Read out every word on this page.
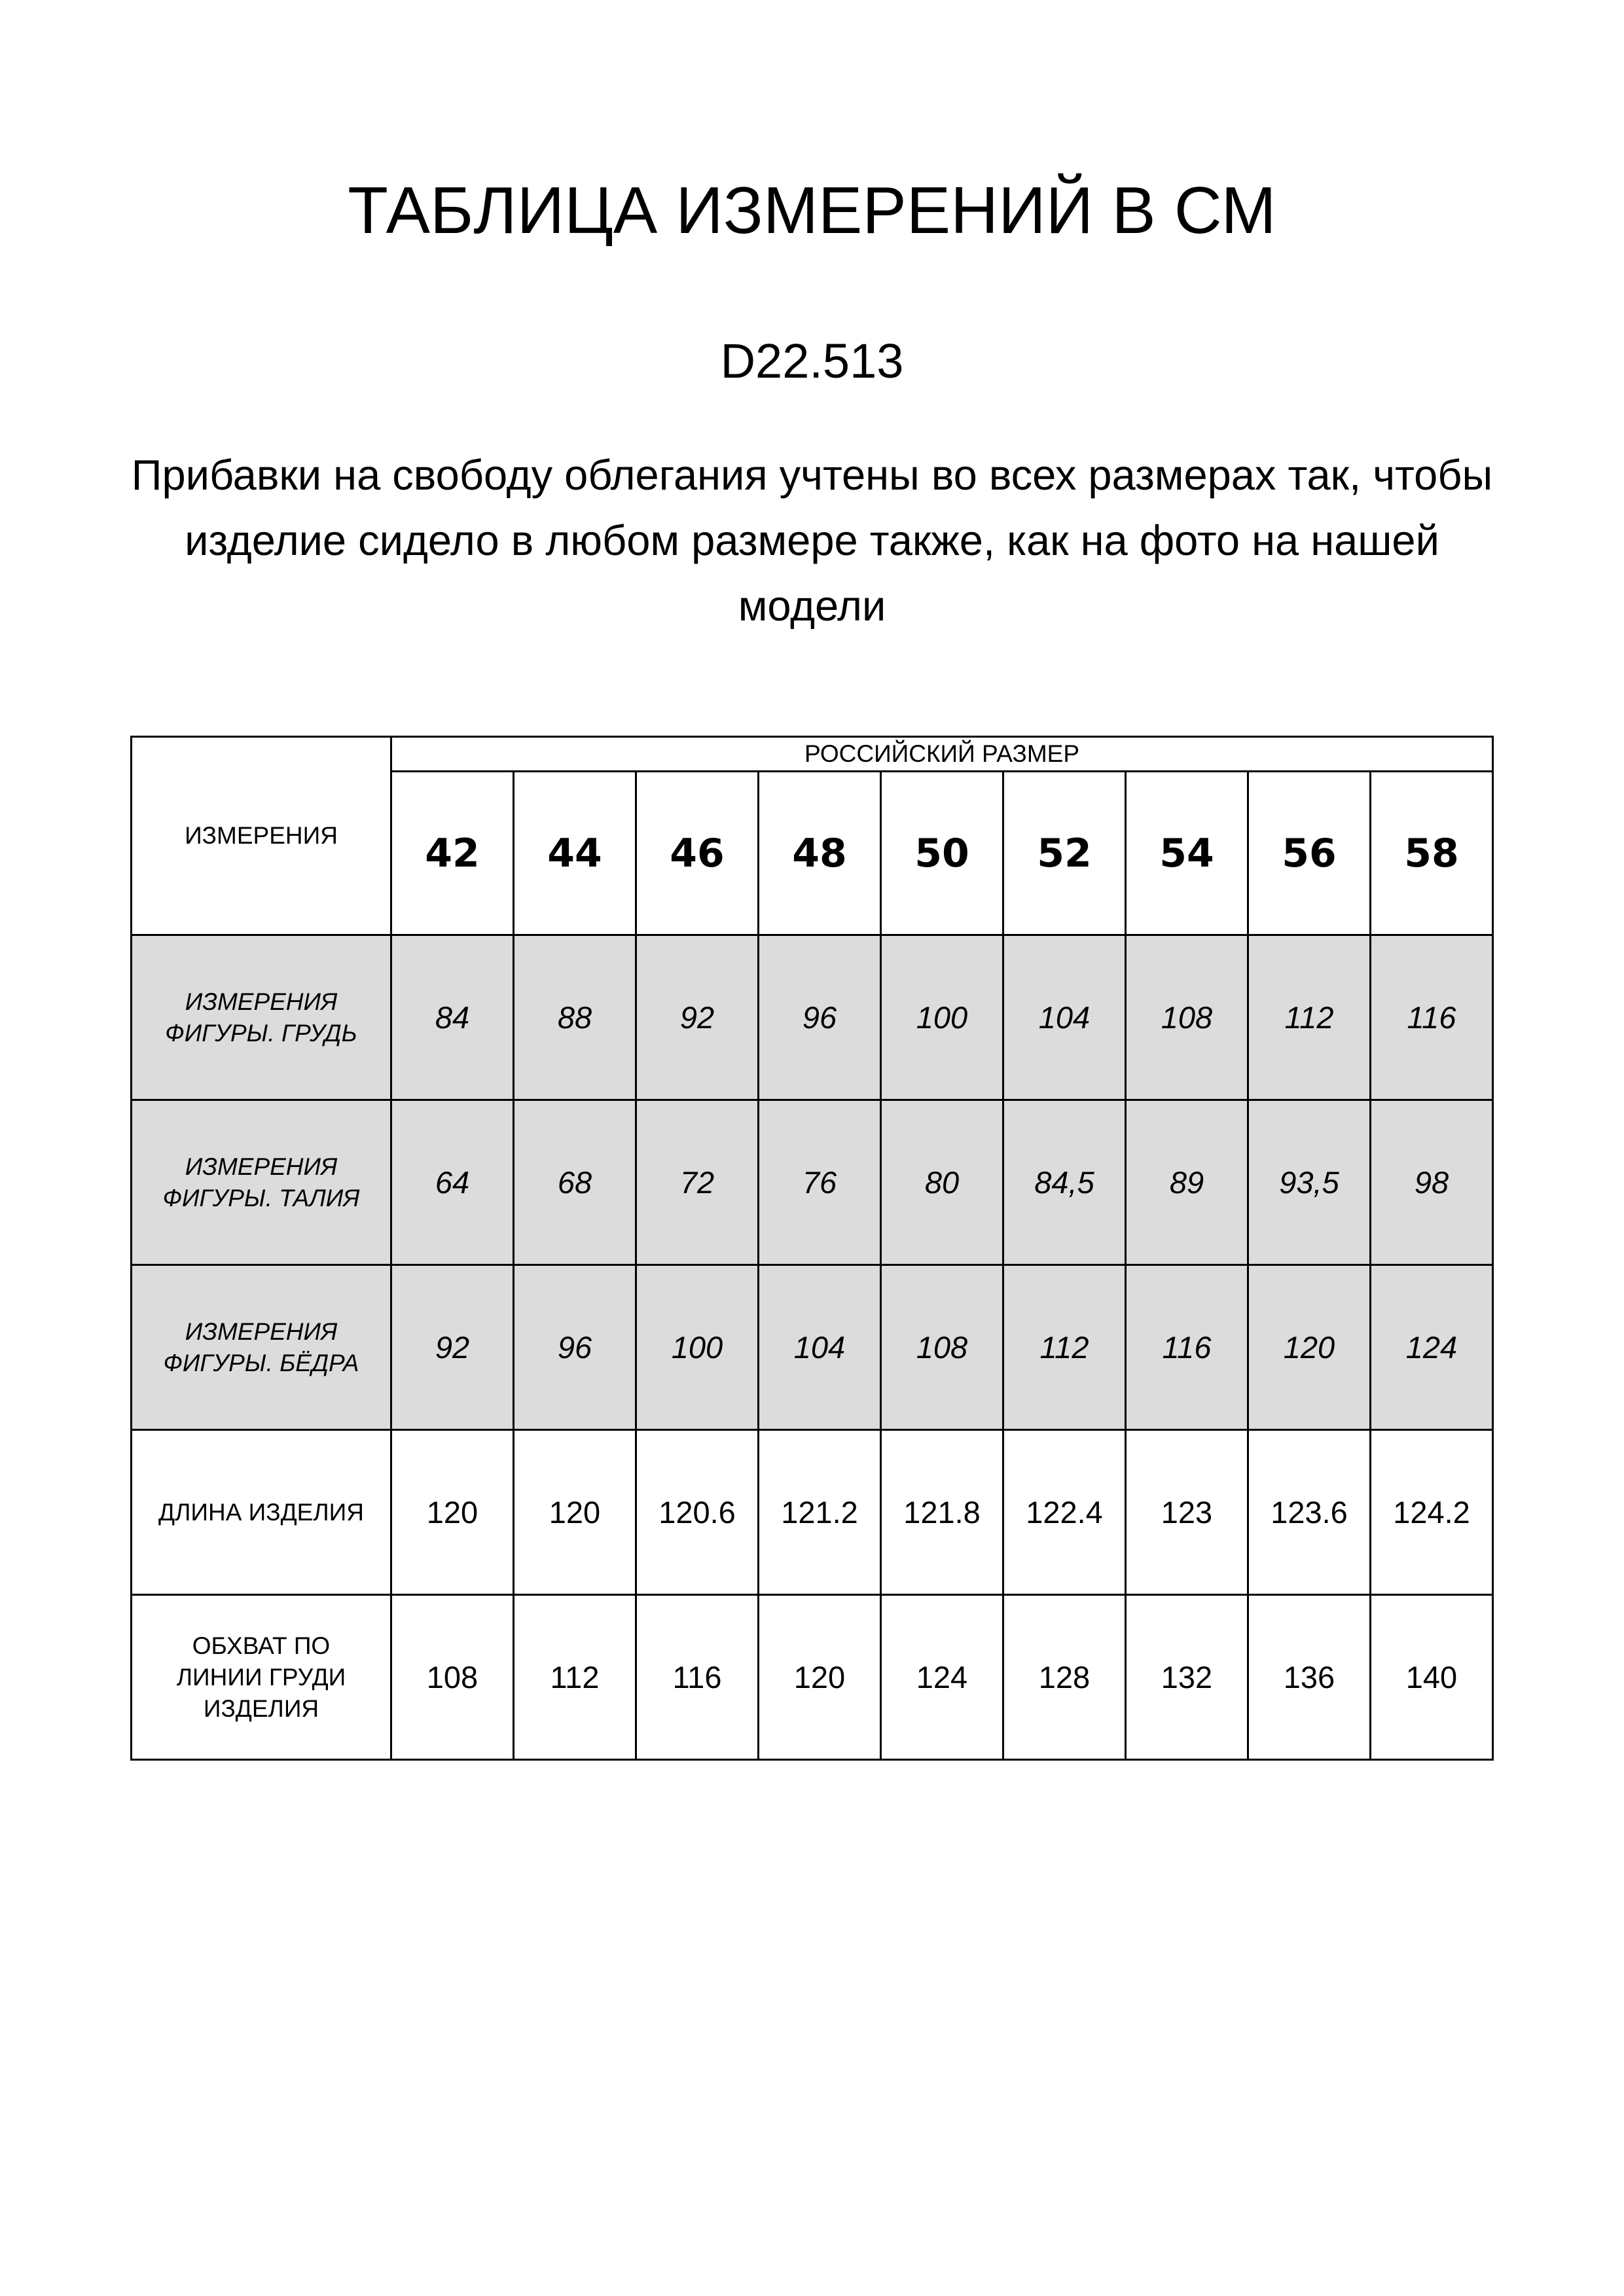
ТАБЛИЦА ИЗМЕРЕНИЙ В СМ
D22.513
Прибавки на свободу облегания учтены во всех размерах так, чтобы изделие сидело в любом размере также, как на фото на нашей модели
ИЗМЕРЕНИЯ	РОССИЙСКИЙ РАЗМЕР								
	42	44	46	48	50	52	54	56	58

ИЗМЕРЕНИЯ
ФИГУРЫ. ГРУДЬ	84	88	92	96	100	104	108	112	116

ИЗМЕРЕНИЯ
ФИГУРЫ. ТАЛИЯ	64	68	72	76	80	84,5	89	93,5	98

ИЗМЕРЕНИЯ
ФИГУРЫ. БЁДРА	92	96	100	104	108	112	116	120	124

ДЛИНА ИЗДЕЛИЯ	120	120	120.6	121.2	121.8	122.4	123	123.6	124.2

ОБХВАТ ПО
ЛИНИИ ГРУДИ
ИЗДЕЛИЯ	108	112	116	120	124	128	132	136	140
